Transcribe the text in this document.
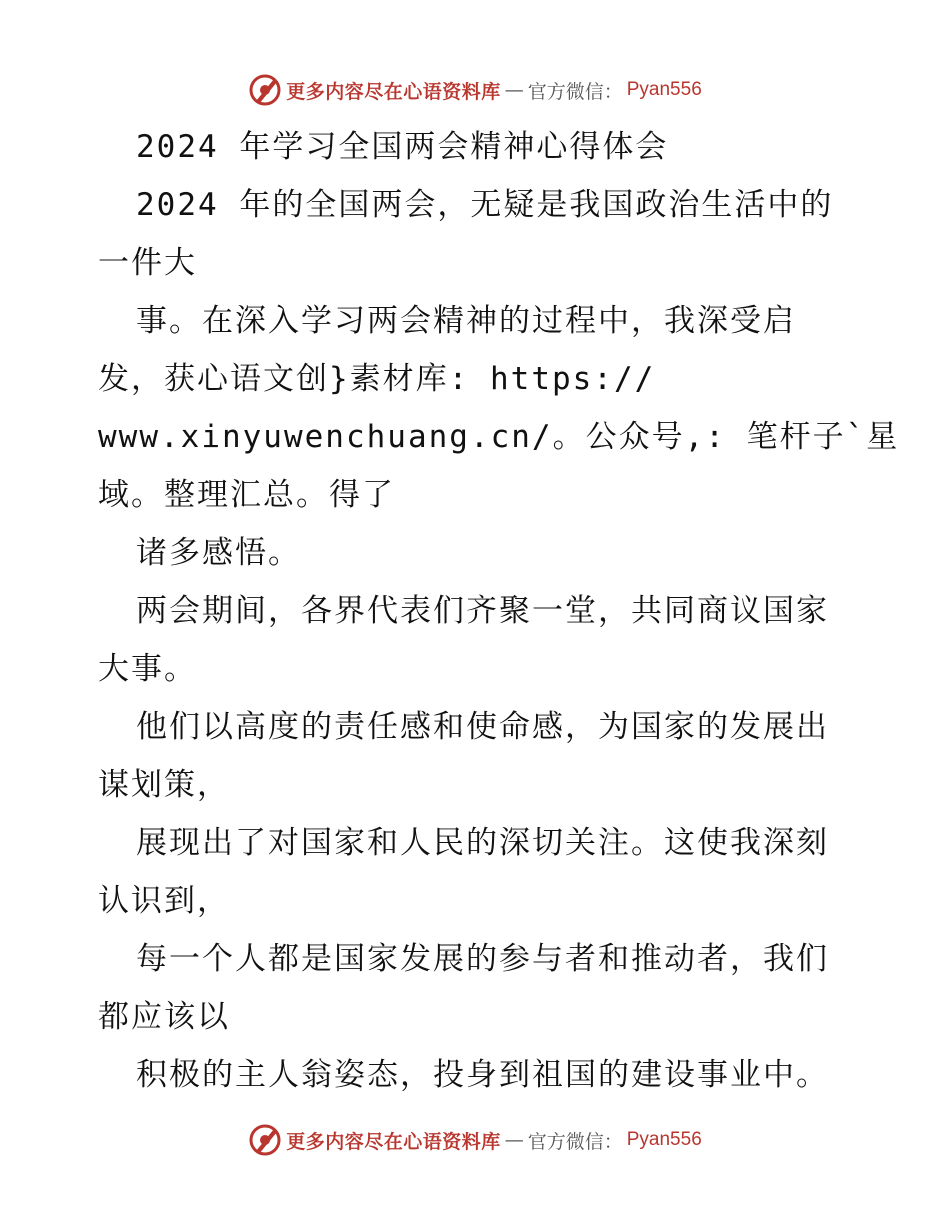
更多内容尽在心语资料库 — 官方微信： Pyan556
2024 年学习全国两会精神心得体会
2024 年的全国两会，无疑是我国政治生活中的
一件大
事。在深入学习两会精神的过程中，我深受启
发，获心语文创}素材库: https://
www.xinyuwenchuang.cn/。公众号,: 笔杆子`星
域。整理汇总。得了
诸多感悟。
两会期间，各界代表们齐聚一堂，共同商议国家
大事。
他们以高度的责任感和使命感，为国家的发展出
谋划策，
展现出了对国家和人民的深切关注。这使我深刻
认识到，
每一个人都是国家发展的参与者和推动者，我们
都应该以
积极的主人翁姿态，投身到祖国的建设事业中。
更多内容尽在心语资料库 — 官方微信： Pyan556
